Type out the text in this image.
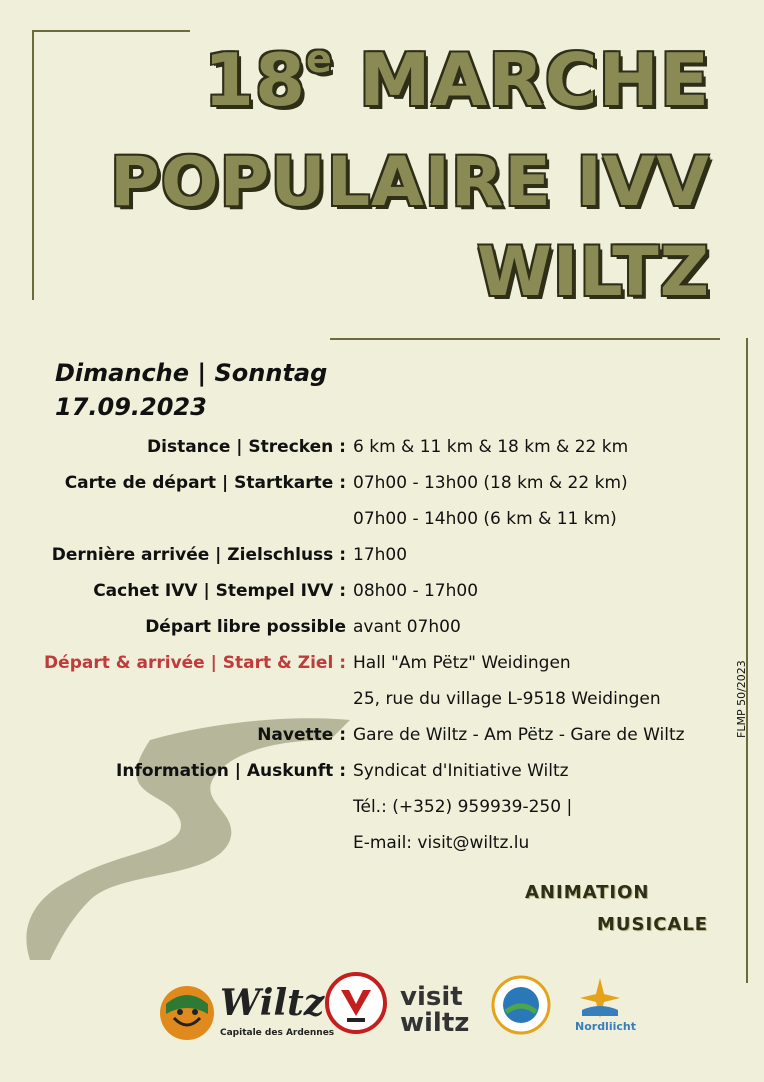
18e MARCHE
POPULAIRE IVV
WILTZ
Dimanche | Sonntag
17.09.2023
Distance | Strecken : 6 km & 11 km & 18 km & 22 km
Carte de départ | Startkarte : 07h00 - 13h00 (18 km & 22 km)
07h00 - 14h00 (6 km & 11 km)
Dernière arrivée | Zielschluss : 17h00
Cachet IVV | Stempel IVV : 08h00 - 17h00
Départ libre possible avant 07h00
Départ & arrivée | Start & Ziel : Hall "Am Pëtz" Weidingen
25, rue du village L-9518 Weidingen
Navette : Gare de Wiltz - Am Pëtz - Gare de Wiltz
Information | Auskunft : Syndicat d'Initiative Wiltz
Tél.: (+352) 959939-250 |
E-mail: visit@wiltz.lu
ANIMATION
MUSICALE
FLMP 50/2023
Wiltz
Capitale des Ardennes
visit
wiltz	Nordliicht
